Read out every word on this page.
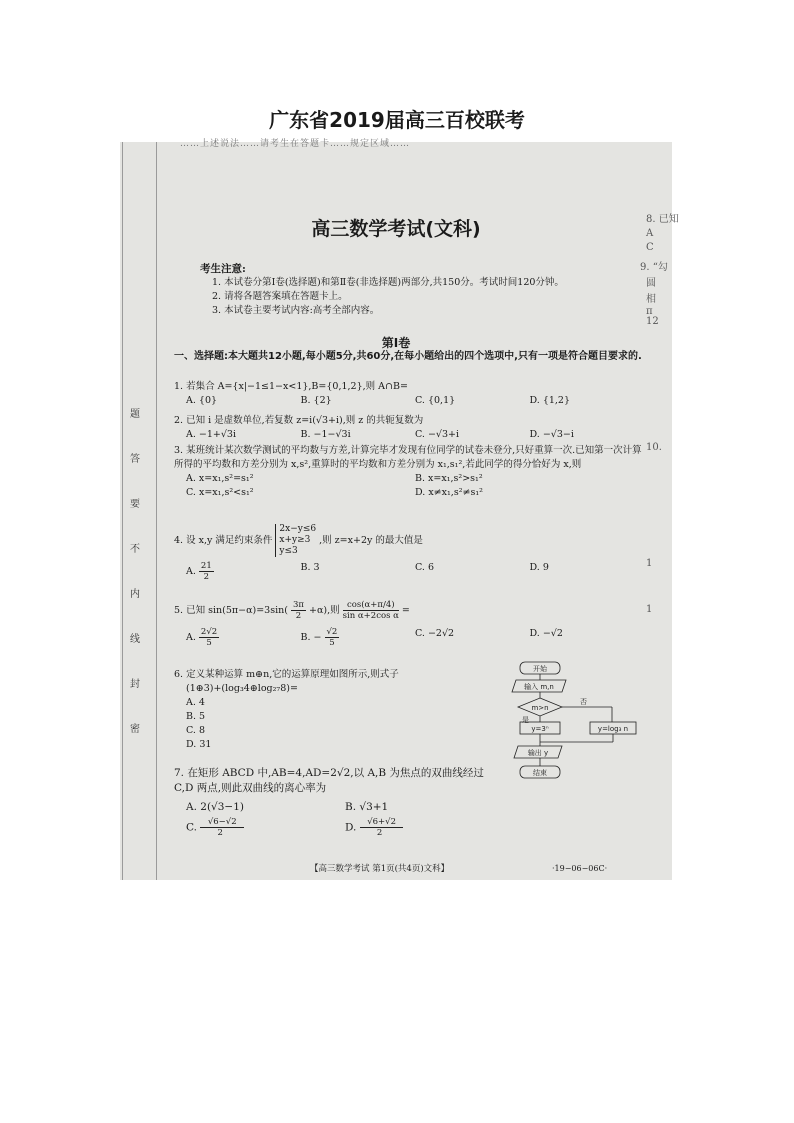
广东省2019届高三百校联考
……上述说法……请考生在答题卡……规定区域……
题
答
要
不
内
线
封
密
8. 已知
A
C
9. “勾
圆
相
π
12
10.
1
1
高三数学考试(文科)
考生注意:
1. 本试卷分第Ⅰ卷(选择题)和第Ⅱ卷(非选择题)两部分,共150分。考试时间120分钟。
2. 请将各题答案填在答题卡上。
3. 本试卷主要考试内容:高考全部内容。
第Ⅰ卷
一、选择题:本大题共12小题,每小题5分,共60分,在每小题给出的四个选项中,只有一项是符合题目要求的.
1. 若集合 A={x|−1≤1−x<1},B={0,1,2},则 A∩B=
A. {0}	B. {2}	C. {0,1}	D. {1,2}
2. 已知 i 是虚数单位,若复数 z=i(√3+i),则 z 的共轭复数为
A. −1+√3i	B. −1−√3i	C. −√3+i	D. −√3−i
3. 某班统计某次数学测试的平均数与方差,计算完毕才发现有位同学的试卷未登分,只好重算一次.已知第一次计算所得的平均数和方差分别为 x,s²,重算时的平均数和方差分别为 x₁,s₁²,若此同学的得分恰好为 x,则
A. x=x₁,s²=s₁²	B. x=x₁,s²>s₁²
C. x=x₁,s²<s₁²	D. x≠x₁,s²≠s₁²
4. 设 x,y 满足约束条件
2x−y≤6
x+y≥3
y≤3
,则 z=x+2y 的最大值是
A. $\frac{21}{2}$	B. 3	C. 6	D. 9
5. 已知 $\sin(5\pi-\alpha)=3\sin( \frac{3\pi}{2} +\alpha)$,则 $\frac{\cos(\alpha+\pi/4)}{\text{sin α+2cos α}}$ =
A. $\frac{2√2}{5}$	B. − $\frac{√2}{5}$	C. −2√2	D. −√2
6. 定义某种运算 m⊕n,它的运算原理如图所示,则式子
(1⊕3)+(log₃4⊕log₂₇8)=
A. 4
B. 5
C. 8
D. 31
开始
输入 m,n
m>n
是
否
y=3ⁿ	y=log₃ n
输出 y
结束
7. 在矩形 ABCD 中,AB=4,AD=2√2,以 A,B 为焦点的双曲线经过 C,D 两点,则此双曲线的离心率为
A. 2(√3−1)	B. √3+1
C. $\frac{√6-√2}{2}$	D. $\frac{√6+√2}{2}$
【高三数学考试 第1页(共4页)文科】	·19−06−06C·
